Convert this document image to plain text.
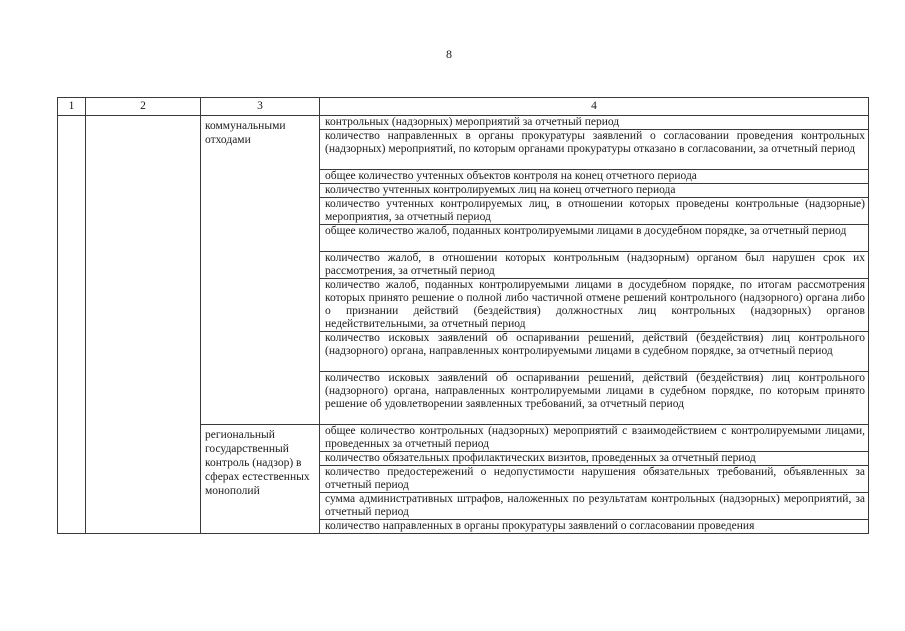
8
1	2	3	4
		коммунальными отходами	контрольных (надзорных) мероприятий за отчетный период
			количество направленных в органы прокуратуры заявлений о согласовании проведения контрольных (надзорных) мероприятий, по которым органами прокуратуры отказано в согласовании, за отчетный период
			общее количество учтенных объектов контроля на конец отчетного периода
			количество учтенных контролируемых лиц на конец отчетного периода
			количество учтенных контролируемых лиц, в отношении которых проведены контрольные (надзорные) мероприятия, за отчетный период
			общее количество жалоб, поданных контролируемыми лицами в досудебном порядке, за отчетный период
			количество жалоб, в отношении которых контрольным (надзорным) органом был нарушен срок их рассмотрения, за отчетный период
			количество жалоб, поданных контролируемыми лицами в досудебном порядке, по итогам рассмотрения которых принято решение о полной либо частичной отмене решений контрольного (надзорного) органа либо о признании действий (бездействия) должностных лиц контрольных (надзорных) органов недействительными, за отчетный период
			количество исковых заявлений об оспаривании решений, действий (бездействия) лиц контрольного (надзорного) органа, направленных контролируемыми лицами в судебном порядке, за отчетный период
			количество исковых заявлений об оспаривании решений, действий (бездействия) лиц контрольного (надзорного) органа, направленных контролируемыми лицами в судебном порядке, по которым принято решение об удовлетворении заявленных требований, за отчетный период
		региональный государственный контроль (надзор) в сферах естественных монополий	общее количество контрольных (надзорных) мероприятий с взаимодействием с контролируемыми лицами, проведенных за отчетный период
			количество обязательных профилактических визитов, проведенных за отчетный период
			количество предостережений о недопустимости нарушения обязательных требований, объявленных за отчетный период
			сумма административных штрафов, наложенных по результатам контрольных (надзорных) мероприятий, за отчетный период
			количество направленных в органы прокуратуры заявлений о согласовании проведения
